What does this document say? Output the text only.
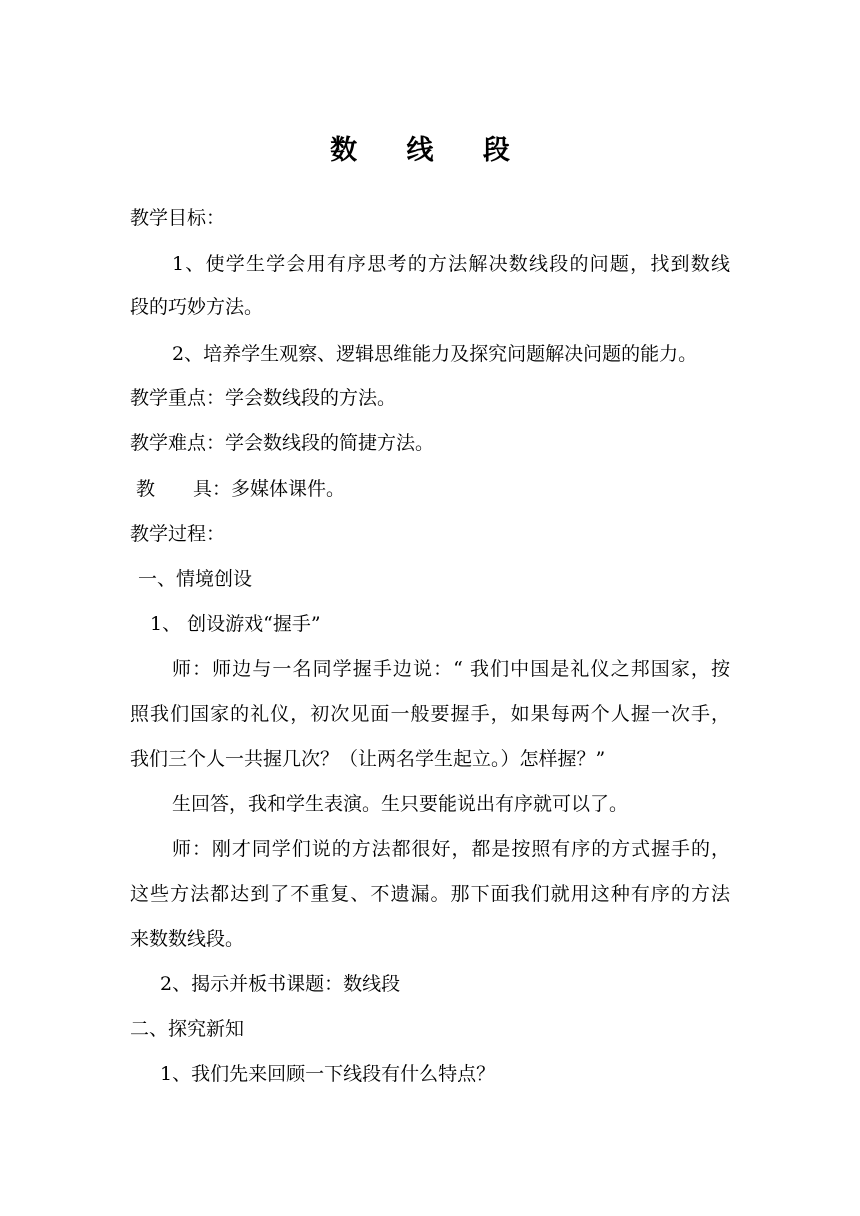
数 线 段
教学目标：
1、使学生学会用有序思考的方法解决数线段的问题，找到数线
段的巧妙方法。
2、培养学生观察、逻辑思维能力及探究问题解决问题的能力。
教学重点：学会数线段的方法。
教学难点：学会数线段的简捷方法。
教　　具：多媒体课件。
教学过程：
一、情境创设
1、 创设游戏“握手”
师：师边与一名同学握手边说：“ 我们中国是礼仪之邦国家，按
照我们国家的礼仪，初次见面一般要握手，如果每两个人握一次手，
我们三个人一共握几次？（让两名学生起立。）怎样握？”
生回答，我和学生表演。生只要能说出有序就可以了。
师：刚才同学们说的方法都很好，都是按照有序的方式握手的，
这些方法都达到了不重复、不遗漏。那下面我们就用这种有序的方法
来数数线段。
2、揭示并板书课题：数线段
二、探究新知
1、我们先来回顾一下线段有什么特点？
